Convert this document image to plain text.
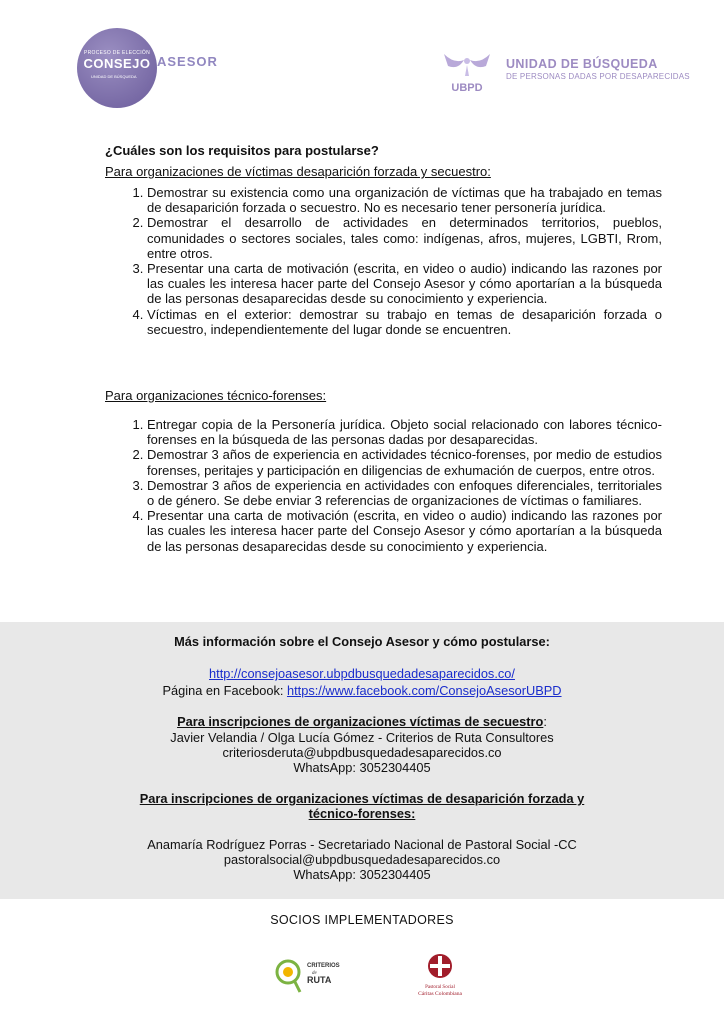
PROCESO DE ELECCIÓN
CONSEJO
UNIDAD DE BÚSQUEDA
ASESOR
UBPD
UNIDAD DE BÚSQUEDA
DE PERSONAS DADAS POR DESAPARECIDAS
¿Cuáles son los requisitos para postularse?
Para organizaciones de víctimas desaparición forzada y secuestro:
1. Demostrar su existencia como una organización de víctimas que ha trabajado en temas de desaparición forzada o secuestro. No es necesario tener personería jurídica.
2. Demostrar el desarrollo de actividades en determinados territorios, pueblos, comunidades o sectores sociales, tales como: indígenas, afros, mujeres, LGBTI, Rrom, entre otros.
3. Presentar una carta de motivación (escrita, en video o audio) indicando las razones por las cuales les interesa hacer parte del Consejo Asesor y cómo aportarían a la búsqueda de las personas desaparecidas desde su conocimiento y experiencia.
4. Víctimas en el exterior: demostrar su trabajo en temas de desaparición forzada o secuestro, independientemente del lugar donde se encuentren.
Para organizaciones técnico-forenses:
1. Entregar copia de la Personería jurídica. Objeto social relacionado con labores técnico-forenses en la búsqueda de las personas dadas por desaparecidas.
2. Demostrar 3 años de experiencia en actividades técnico-forenses, por medio de estudios forenses, peritajes y participación en diligencias de exhumación de cuerpos, entre otros.
3. Demostrar 3 años de experiencia en actividades con enfoques diferenciales, territoriales o de género. Se debe enviar 3 referencias de organizaciones de víctimas o familiares.
4. Presentar una carta de motivación (escrita, en video o audio) indicando las razones por las cuales les interesa hacer parte del Consejo Asesor y cómo aportarían a la búsqueda de las personas desaparecidas desde su conocimiento y experiencia.
Más información sobre el Consejo Asesor y cómo postularse:
http://consejoasesor.ubpdbusquedadesaparecidos.co/
Página en Facebook: https://www.facebook.com/ConsejoAsesorUBPD
Para inscripciones de organizaciones víctimas de secuestro:
Javier Velandia / Olga Lucía Gómez - Criterios de Ruta Consultores
criteriosderuta@ubpdbusquedadesaparecidos.co
WhatsApp: 3052304405
Para inscripciones de organizaciones víctimas de desaparición forzada y
técnico-forenses:
Anamaría Rodríguez Porras - Secretariado Nacional de Pastoral Social -CC
pastoralsocial@ubpdbusquedadesaparecidos.co
WhatsApp: 3052304405
SOCIOS IMPLEMENTADORES
CRITERIOS
de
RUTA
Pastoral Social
Cáritas Colombiana
